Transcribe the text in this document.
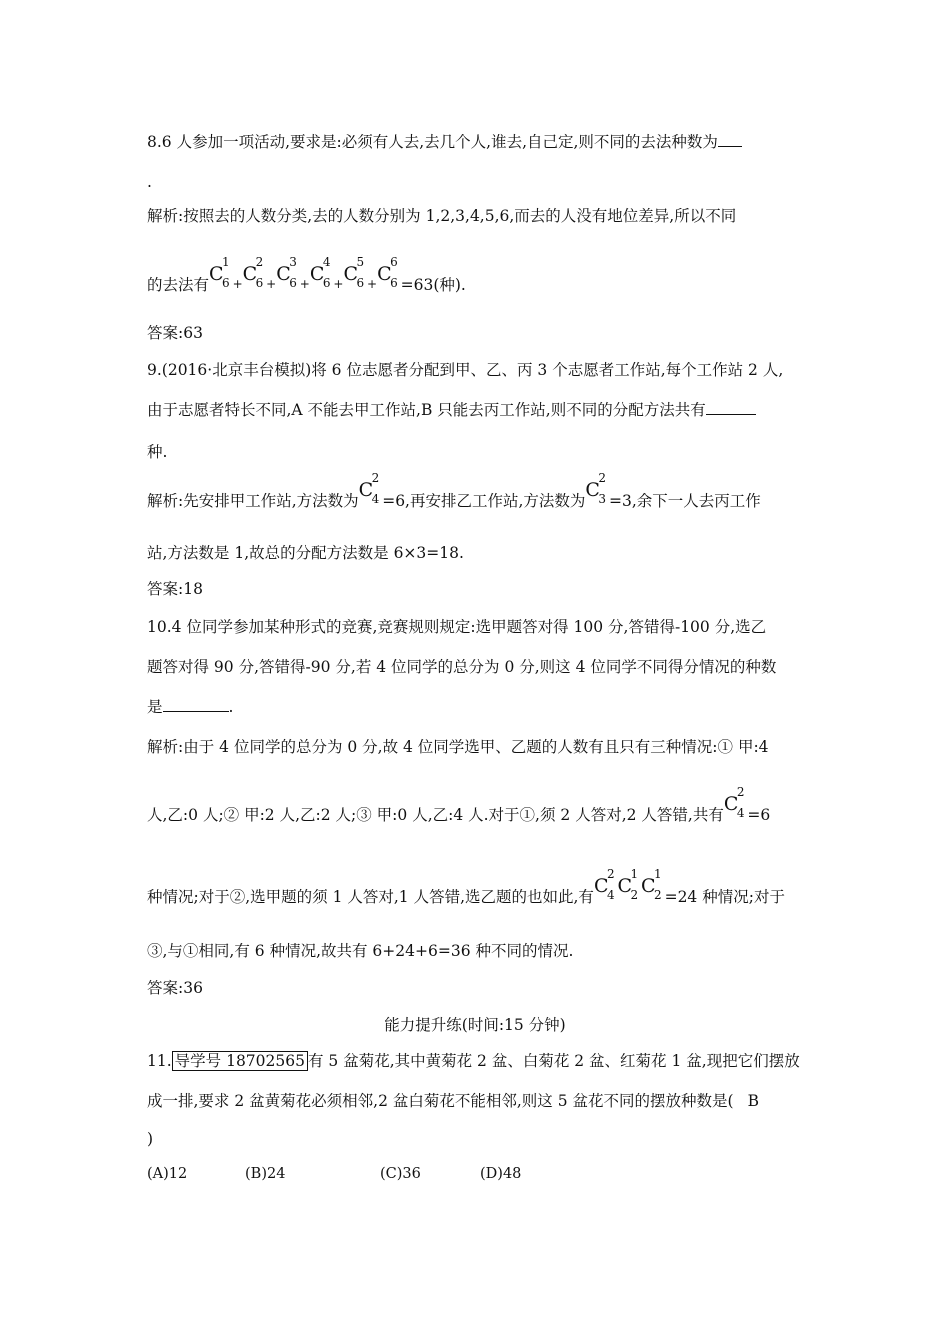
8.6 人参加一项活动,要求是:必须有人去,去几个人,谁去,自己定,则不同的去法种数为
.
解析:按照去的人数分类,去的人数分别为 1,2,3,4,5,6,而去的人没有地位差异,所以不同
的去法有C
1
6 $_+$C
2
6 $_+$C
3
6 $_+$C
4
6 $_+$C
5
6 $_+$C
6
6 =63(种).
答案:63
9.(2016·北京丰台模拟)将 6 位志愿者分配到甲、乙、丙 3 个志愿者工作站,每个工作站 2 人,
由于志愿者特长不同,A 不能去甲工作站,B 只能去丙工作站,则不同的分配方法共有
种.
解析:先安排甲工作站,方法数为C
2
4 =6,再安排乙工作站,方法数为C
2
3 =3,余下一人去丙工作
站,方法数是 1,故总的分配方法数是 6×3=18.
答案:18
10.4 位同学参加某种形式的竞赛,竞赛规则规定:选甲题答对得 100 分,答错得-100 分,选乙
题答对得 90 分,答错得-90 分,若 4 位同学的总分为 0 分,则这 4 位同学不同得分情况的种数
是	.
解析:由于 4 位同学的总分为 0 分,故 4 位同学选甲、乙题的人数有且只有三种情况:① 甲:4
人,乙:0 人;② 甲:2 人,乙:2 人;③ 甲:0 人,乙:4 人.对于①,须 2 人答对,2 人答错,共有C
2
4 =6
种情况;对于②,选甲题的须 1 人答对,1 人答错,选乙题的也如此,有C
2
4 C
1
2 C
1
2 =24 种情况;对于
③,与①相同,有 6 种情况,故共有 6+24+6=36 种不同的情况.
答案:36
能力提升练(时间:15 分钟)
11. 导学号 18702565 有 5 盆菊花,其中黄菊花 2 盆、白菊花 2 盆、红菊花 1 盆,现把它们摆放
成一排,要求 2 盆黄菊花必须相邻,2 盆白菊花不能相邻,则这 5 盆花不同的摆放种数是( B
)
(A)12	(B)24	(C)36	(D)48
